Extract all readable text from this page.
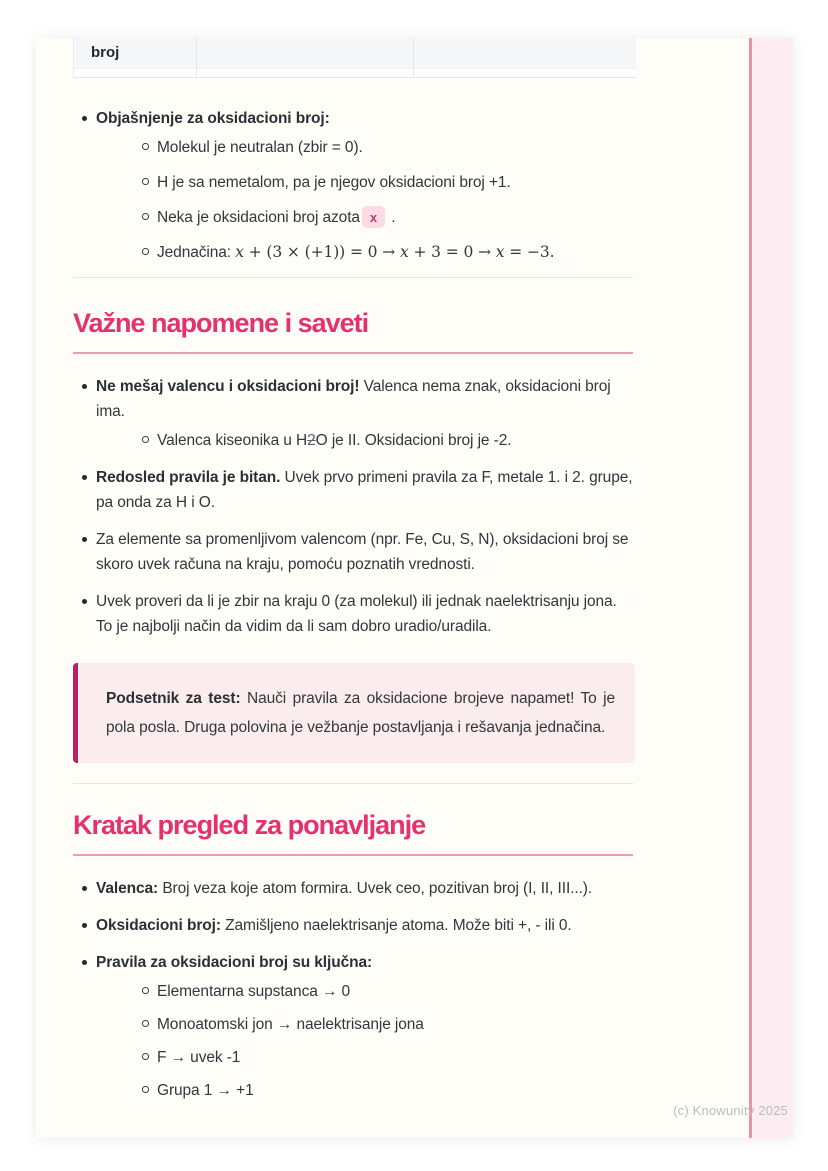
broj
Objašnjenje za oksidacioni broj:
Molekul je neutralan (zbir = 0).
H je sa nemetalom, pa je njegov oksidacioni broj +1.
Neka je oksidacioni broj azota x .
Jednačina: x + (3 × (+1)) = 0 → x + 3 = 0 → x = −3.
Važne napomene i saveti
Ne mešaj valencu i oksidacioni broj! Valenca nema znak, oksidacioni broj ima.
Valenca kiseonika u H2O je II. Oksidacioni broj je -2.
Redosled pravila je bitan. Uvek prvo primeni pravila za F, metale 1. i 2. grupe, pa onda za H i O.
Za elemente sa promenljivom valencom (npr. Fe, Cu, S, N), oksidacioni broj se skoro uvek računa na kraju, pomoću poznatih vrednosti.
Uvek proveri da li je zbir na kraju 0 (za molekul) ili jednak naelektrisanju jona. To je najbolji način da vidim da li sam dobro uradio/uradila.
Podsetnik za test: Nauči pravila za oksidacione brojeve napamet! To je pola posla. Druga polovina je vežbanje postavljanja i rešavanja jednačina.
Kratak pregled za ponavljanje
Valenca: Broj veza koje atom formira. Uvek ceo, pozitivan broj (I, II, III...).
Oksidacioni broj: Zamišljeno naelektrisanje atoma. Može biti +, - ili 0.
Pravila za oksidacioni broj su ključna:
Elementarna supstanca → 0
Monoatomski jon → naelektrisanje jona
F → uvek -1
Grupa 1 → +1
(c) Knowunity 2025
